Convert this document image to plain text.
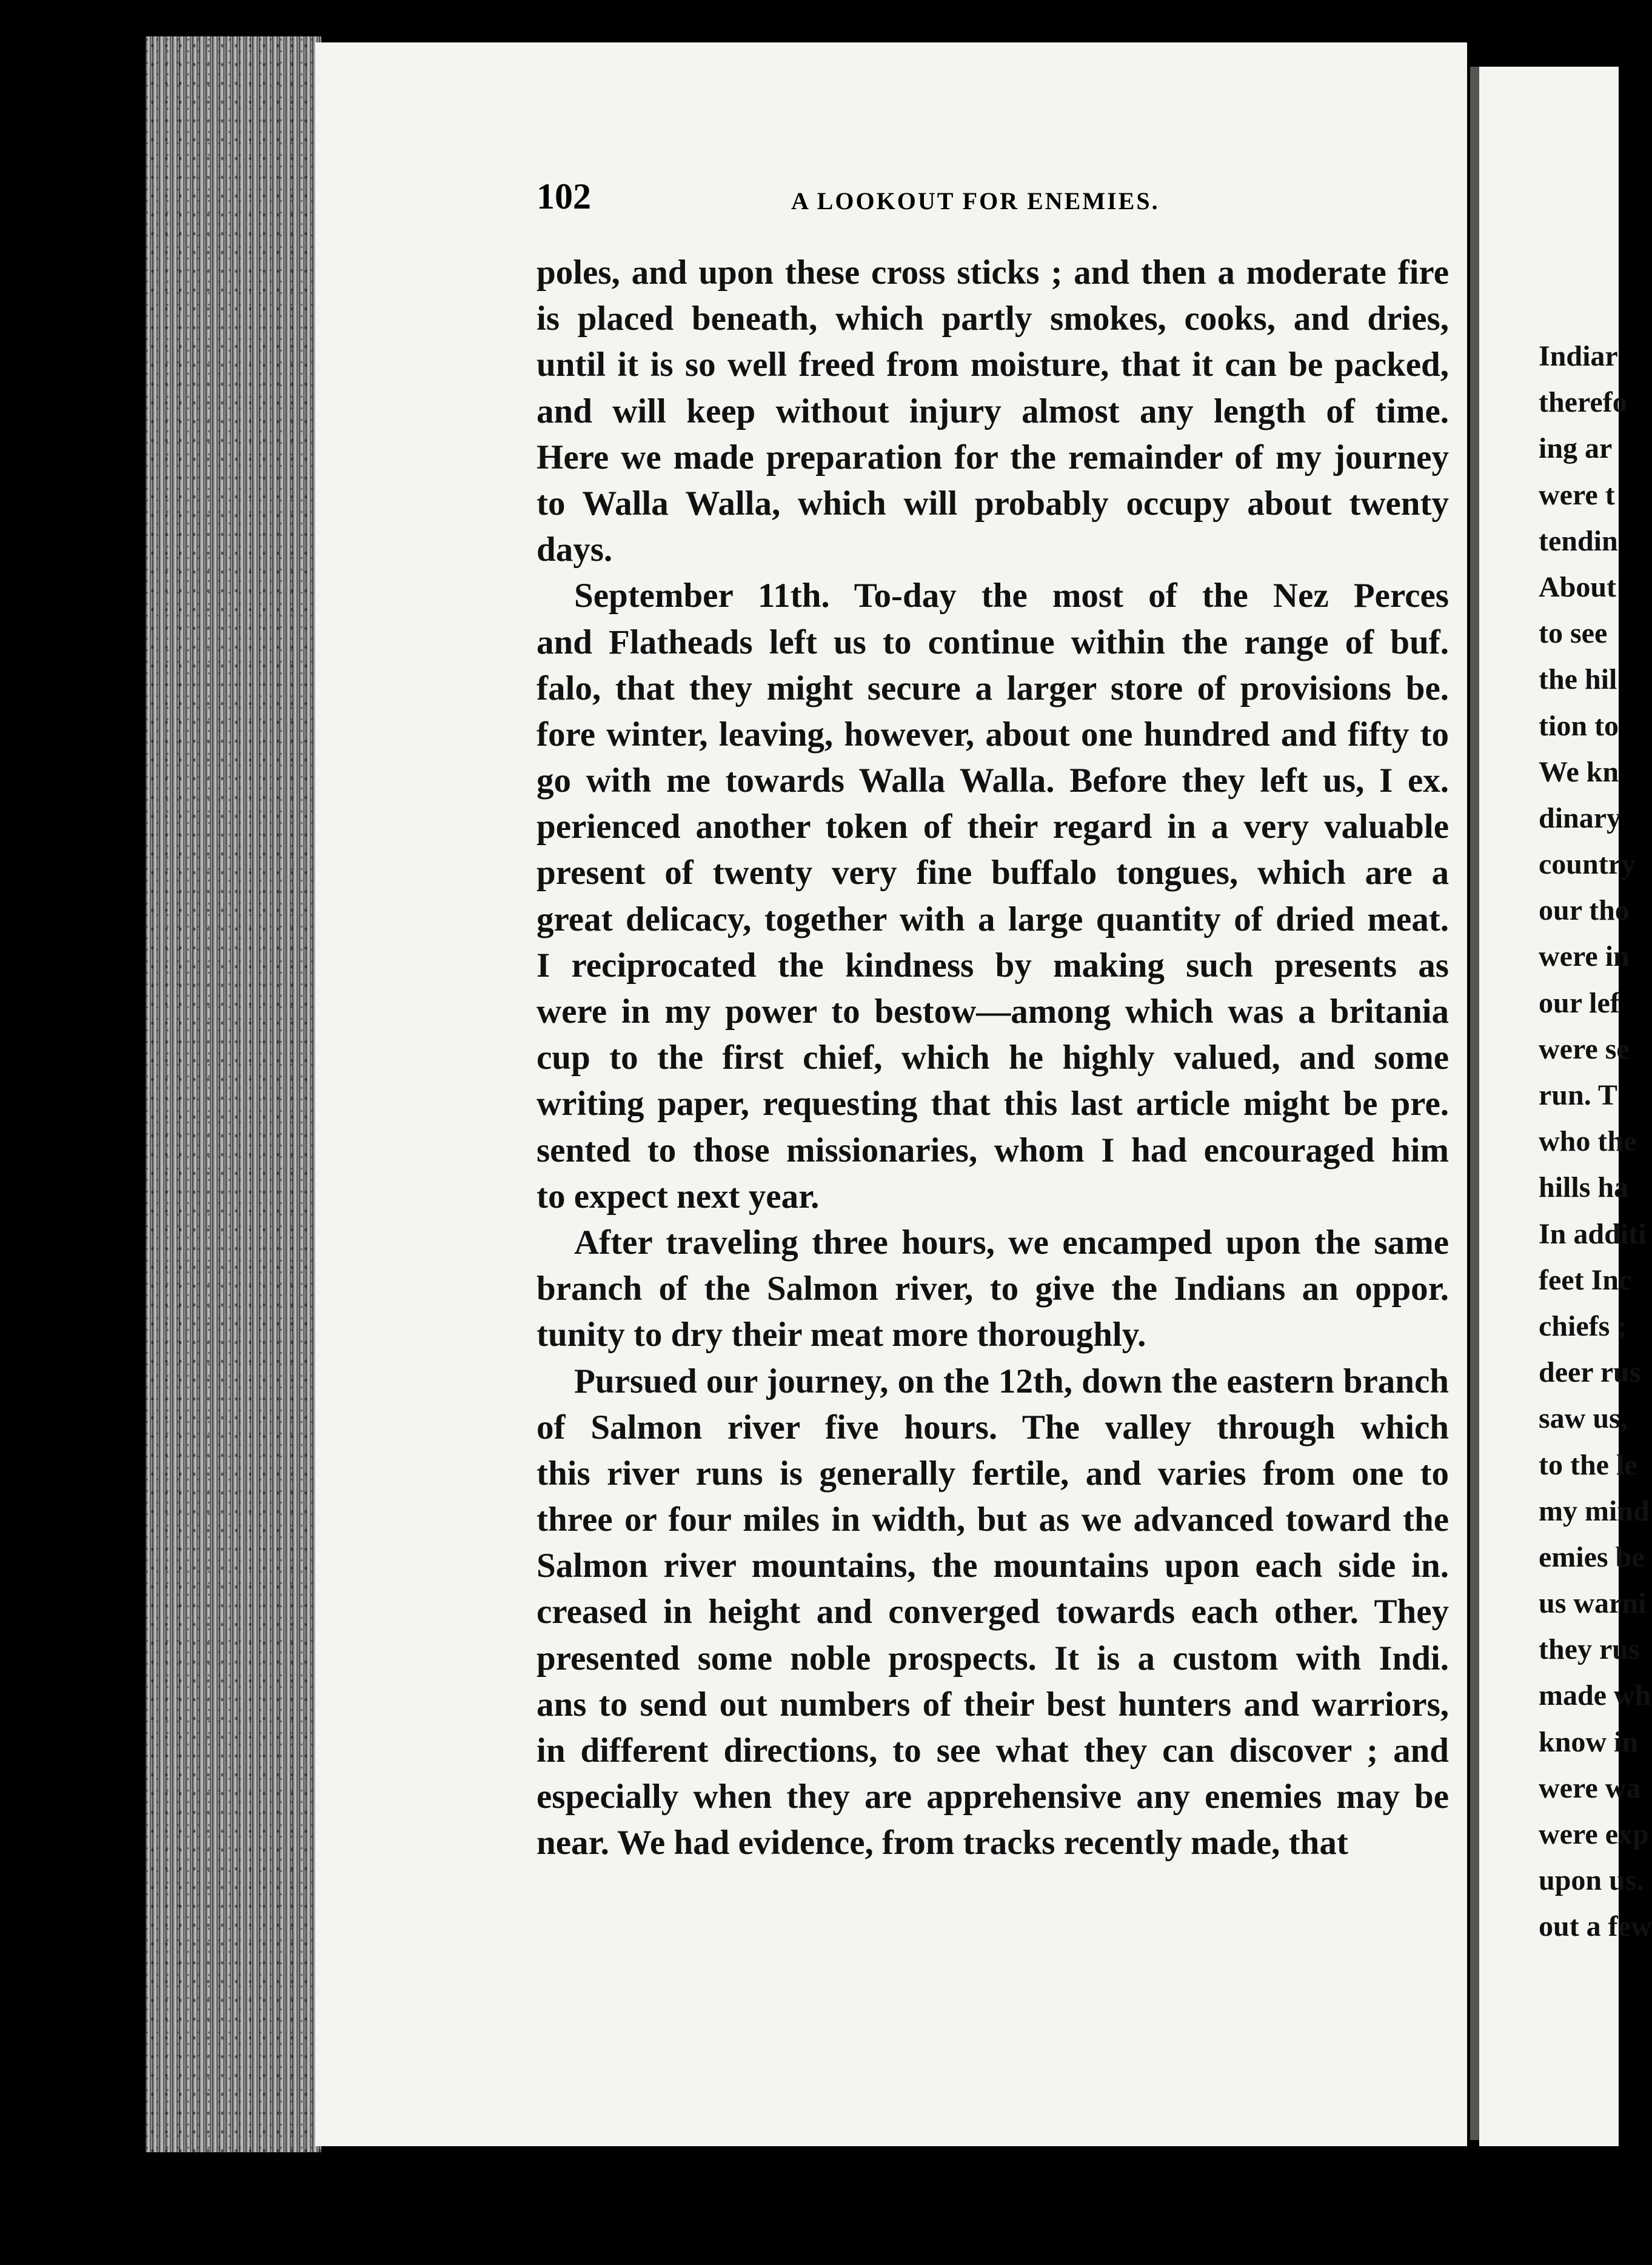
Indiar
therefo
ing ar
were t
tendin
About
to see
the hil
tion to
We kn
dinary
country
our tho
were in
our lef
were se
run. T
who the
hills ha
In additi
feet Inc
chiefs ;
deer rus
saw us,
to the le
my mind
emies be
us warni
they rus
made wh
know in
were wa
were exp
upon us.
out a few
102	A LOOKOUT FOR ENEMIES.
poles, and upon these cross sticks ; and then a moderate fire
is placed beneath, which partly smokes, cooks, and dries,
until it is so well freed from moisture, that it can be packed,
and will keep without injury almost any length of time.
Here we made preparation for the remainder of my journey
to Walla Walla, which will probably occupy about twenty
days.
September 11th. To-day the most of the Nez Perces
and Flatheads left us to continue within the range of buf.
falo, that they might secure a larger store of provisions be.
fore winter, leaving, however, about one hundred and fifty to
go with me towards Walla Walla. Before they left us, I ex.
perienced another token of their regard in a very valuable
present of twenty very fine buffalo tongues, which are a
great delicacy, together with a large quantity of dried meat.
I reciprocated the kindness by making such presents as
were in my power to bestow—among which was a britania
cup to the first chief, which he highly valued, and some
writing paper, requesting that this last article might be pre.
sented to those missionaries, whom I had encouraged him
to expect next year.
After traveling three hours, we encamped upon the same
branch of the Salmon river, to give the Indians an oppor.
tunity to dry their meat more thoroughly.
Pursued our journey, on the 12th, down the eastern branch
of Salmon river five hours. The valley through which
this river runs is generally fertile, and varies from one to
three or four miles in width, but as we advanced toward the
Salmon river mountains, the mountains upon each side in.
creased in height and converged towards each other. They
presented some noble prospects. It is a custom with Indi.
ans to send out numbers of their best hunters and warriors,
in different directions, to see what they can discover ; and
especially when they are apprehensive any enemies may be
near. We had evidence, from tracks recently made, that
